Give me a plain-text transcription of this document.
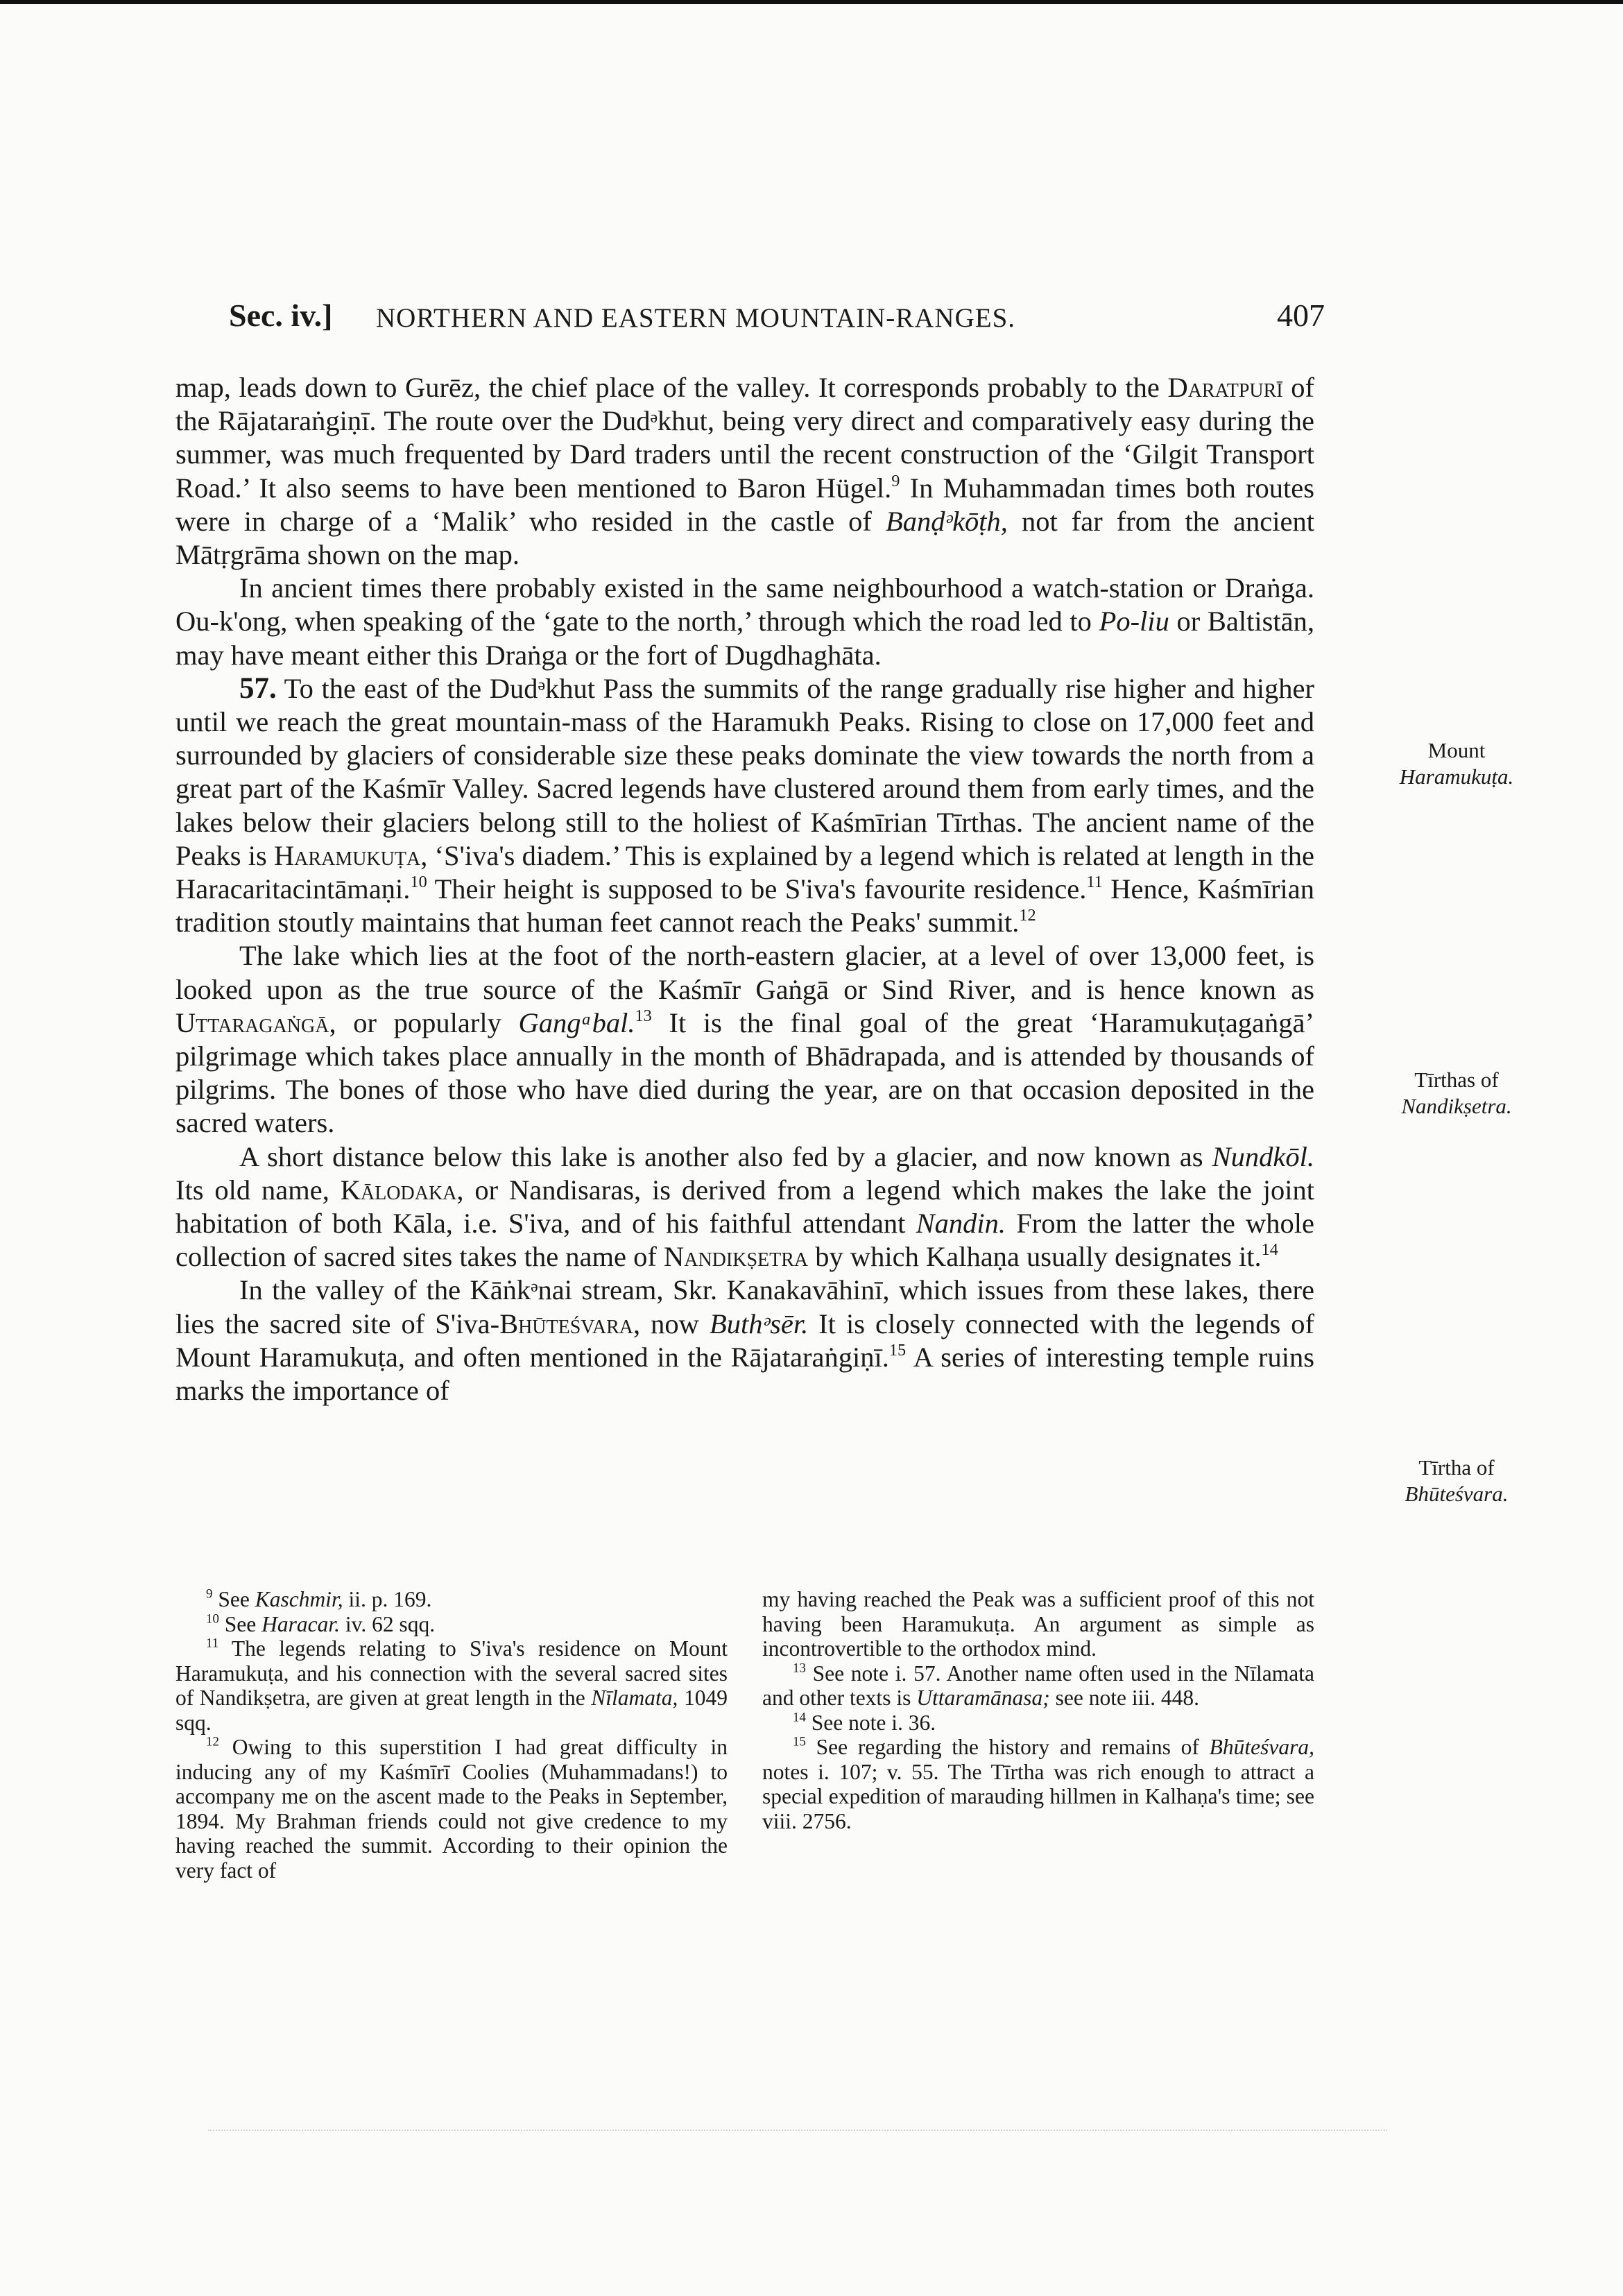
Sec. iv.] NORTHERN AND EASTERN MOUNTAIN-RANGES.	407

map, leads down to Gurēz, the chief place of the valley. It corresponds probably to the Daratpurī of the Rājataraṅgiṇī. The route over the Dudᵊkhut, being very direct and comparatively easy during the summer, was much frequented by Dard traders until the recent construction of the ‘Gilgit Transport Road.’ It also seems to have been mentioned to Baron Hügel.$^9$ In Muhammadan times both routes were in charge of a ‘Malik’ who resided in the castle of Banḍᵊkōṭh, not far from the ancient Mātṛgrāma shown on the map.

In ancient times there probably existed in the same neighbourhood a watch-station or Draṅga. Ou-k'ong, when speaking of the ‘gate to the north,’ through which the road led to Po-liu or Baltistān, may have meant either this Draṅga or the fort of Dugdhaghāta.

57. To the east of the Dudᵊkhut Pass the summits of the range gradually rise higher and higher until we reach the great mountain-mass of the Haramukh Peaks. Rising to close on 17,000 feet and surrounded by glaciers of considerable size these peaks dominate the view towards the north from a great part of the Kaśmīr Valley. Sacred legends have clustered around them from early times, and the lakes below their glaciers belong still to the holiest of Kaśmīrian Tīrthas. The ancient name of the Peaks is Haramukuṭa, ‘S'iva's diadem.’ This is explained by a legend which is related at length in the Haracaritacintāmaṇi.$^{10}$ Their height is supposed to be S'iva's favourite residence.$^{11}$ Hence, Kaśmīrian tradition stoutly maintains that human feet cannot reach the Peaks' summit.$^{12}$

The lake which lies at the foot of the north-eastern glacier, at a level of over 13,000 feet, is looked upon as the true source of the Kaśmīr Gaṅgā or Sind River, and is hence known as Uttaragaṅgā, or popularly Gangᵃbal.$^{13}$ It is the final goal of the great ‘Haramukuṭagaṅgā’ pilgrimage which takes place annually in the month of Bhādrapada, and is attended by thousands of pilgrims. The bones of those who have died during the year, are on that occasion deposited in the sacred waters.

A short distance below this lake is another also fed by a glacier, and now known as Nundkōl. Its old name, Kālodaka, or Nandisaras, is derived from a legend which makes the lake the joint habitation of both Kāla, i.e. S'iva, and of his faithful attendant Nandin. From the latter the whole collection of sacred sites takes the name of Nandikṣetra by which Kalhaṇa usually designates it.$^{14}$

In the valley of the Kāṅkᵊnai stream, Skr. Kanakavāhinī, which issues from these lakes, there lies the sacred site of S'iva-Bhūteśvara, now Buthᵊsēr. It is closely connected with the legends of Mount Haramukuṭa, and often mentioned in the Rājataraṅgiṇī.$^{15}$ A series of interesting temple ruins marks the importance of

Mount
Haramukuṭa.
Tīrthas of
Nandikṣetra.
Tīrtha of
Bhūteśvara.

$^9$ See Kaschmir, ii. p. 169.

$^{10}$ See Haracar. iv. 62 sqq.

$^{11}$ The legends relating to S'iva's residence on Mount Haramukuṭa, and his connection with the several sacred sites of Nandikṣetra, are given at great length in the Nīlamata, 1049 sqq.

$^{12}$ Owing to this superstition I had great difficulty in inducing any of my Kaśmīrī Coolies (Muhammadans!) to accompany me on the ascent made to the Peaks in September, 1894. My Brahman friends could not give credence to my having reached the summit. According to their opinion the very fact of

my having reached the Peak was a sufficient proof of this not having been Haramukuṭa. An argument as simple as incontrovertible to the orthodox mind.

$^{13}$ See note i. 57. Another name often used in the Nīlamata and other texts is Uttaramānasa; see note iii. 448.

$^{14}$ See note i. 36.

$^{15}$ See regarding the history and remains of Bhūteśvara, notes i. 107; v. 55. The Tīrtha was rich enough to attract a special expedition of marauding hillmen in Kalhaṇa's time; see viii. 2756.
